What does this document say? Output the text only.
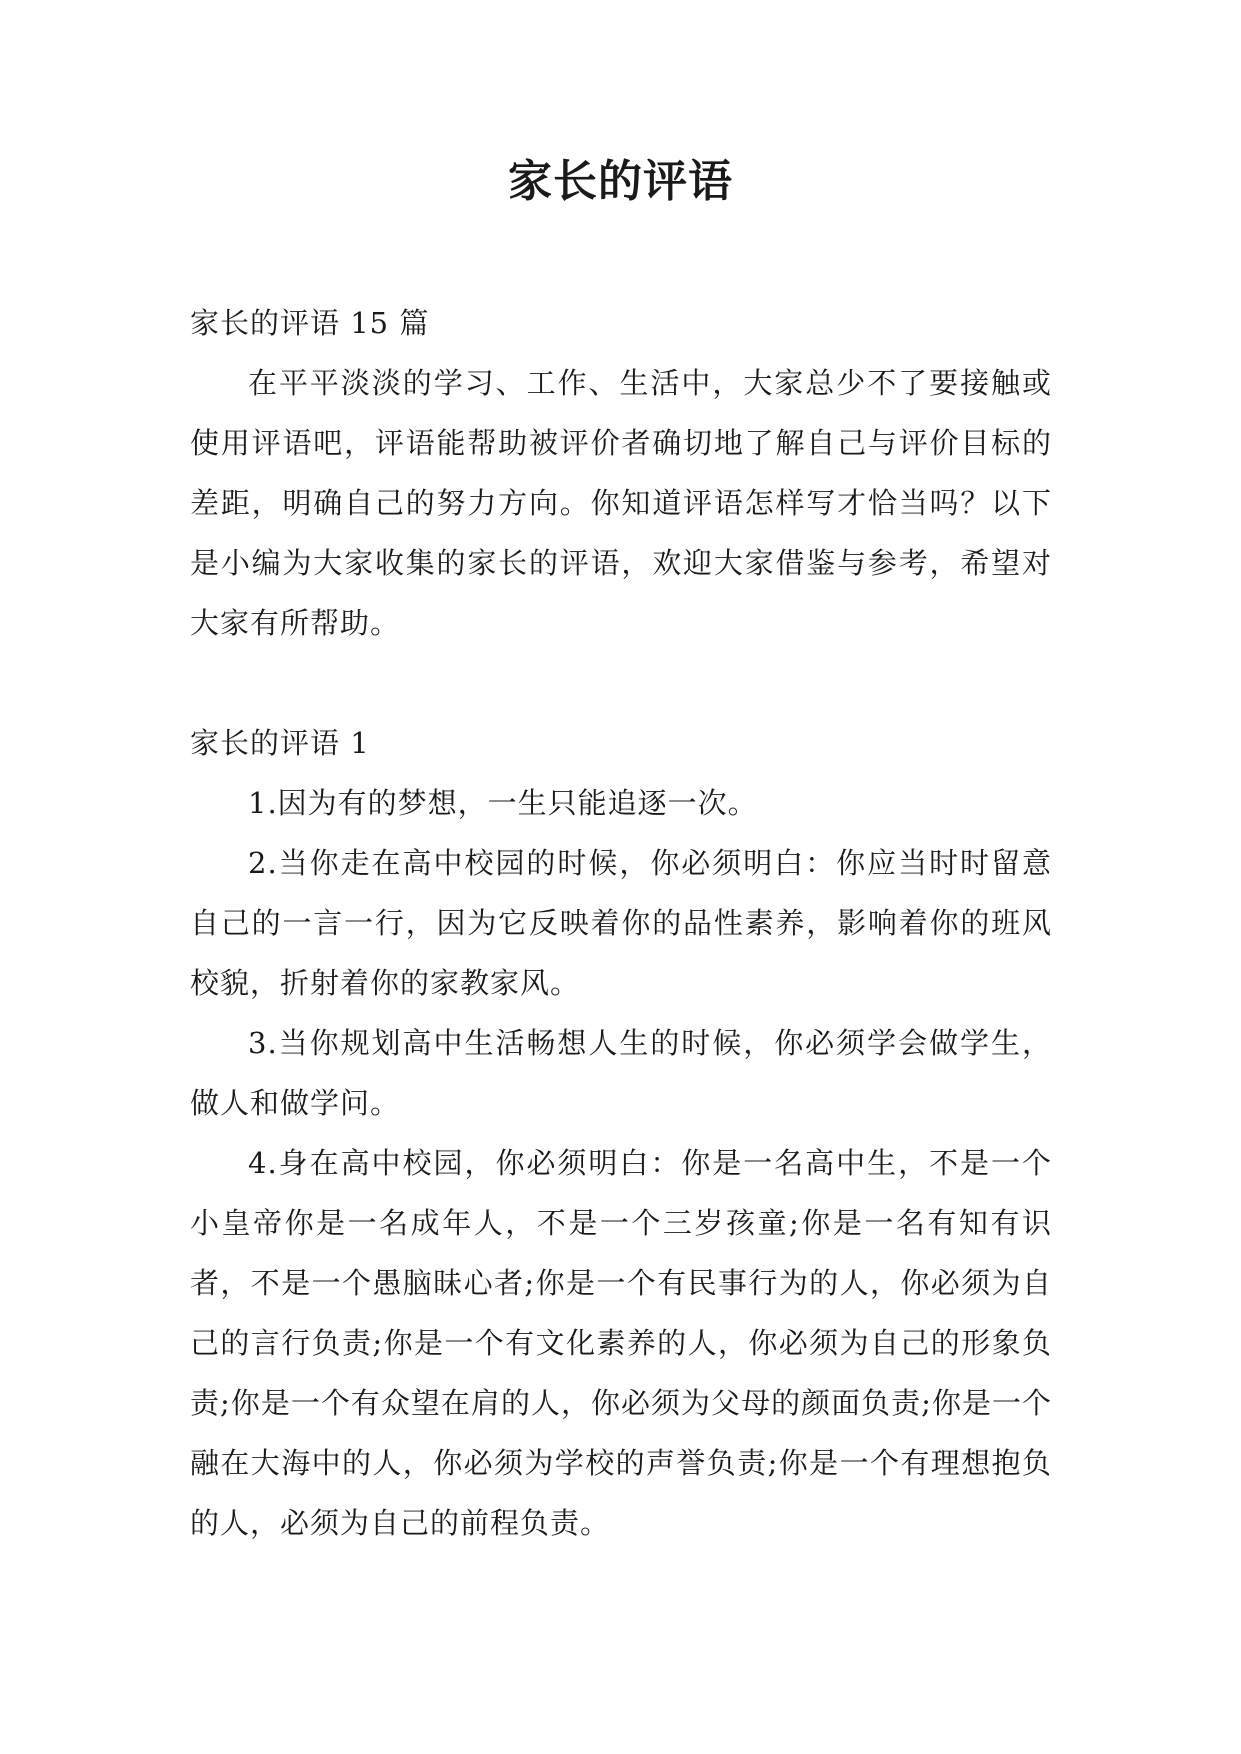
家长的评语

家长的评语 15 篇

在平平淡淡的学习、工作、生活中，大家总少不了要接触或使用评语吧，评语能帮助被评价者确切地了解自己与评价目标的差距，明确自己的努力方向。你知道评语怎样写才恰当吗？以下是小编为大家收集的家长的评语，欢迎大家借鉴与参考，希望对大家有所帮助。

家长的评语 1

1.因为有的梦想，一生只能追逐一次。

2.当你走在高中校园的时候，你必须明白：你应当时时留意自己的一言一行，因为它反映着你的品性素养，影响着你的班风校貌，折射着你的家教家风。

3.当你规划高中生活畅想人生的时候，你必须学会做学生，做人和做学问。

4.身在高中校园，你必须明白：你是一名高中生，不是一个小皇帝你是一名成年人，不是一个三岁孩童;你是一名有知有识者，不是一个愚脑昧心者;你是一个有民事行为的人，你必须为自己的言行负责;你是一个有文化素养的人，你必须为自己的形象负责;你是一个有众望在肩的人，你必须为父母的颜面负责;你是一个融在大海中的人，你必须为学校的声誉负责;你是一个有理想抱负的人，必须为自己的前程负责。
